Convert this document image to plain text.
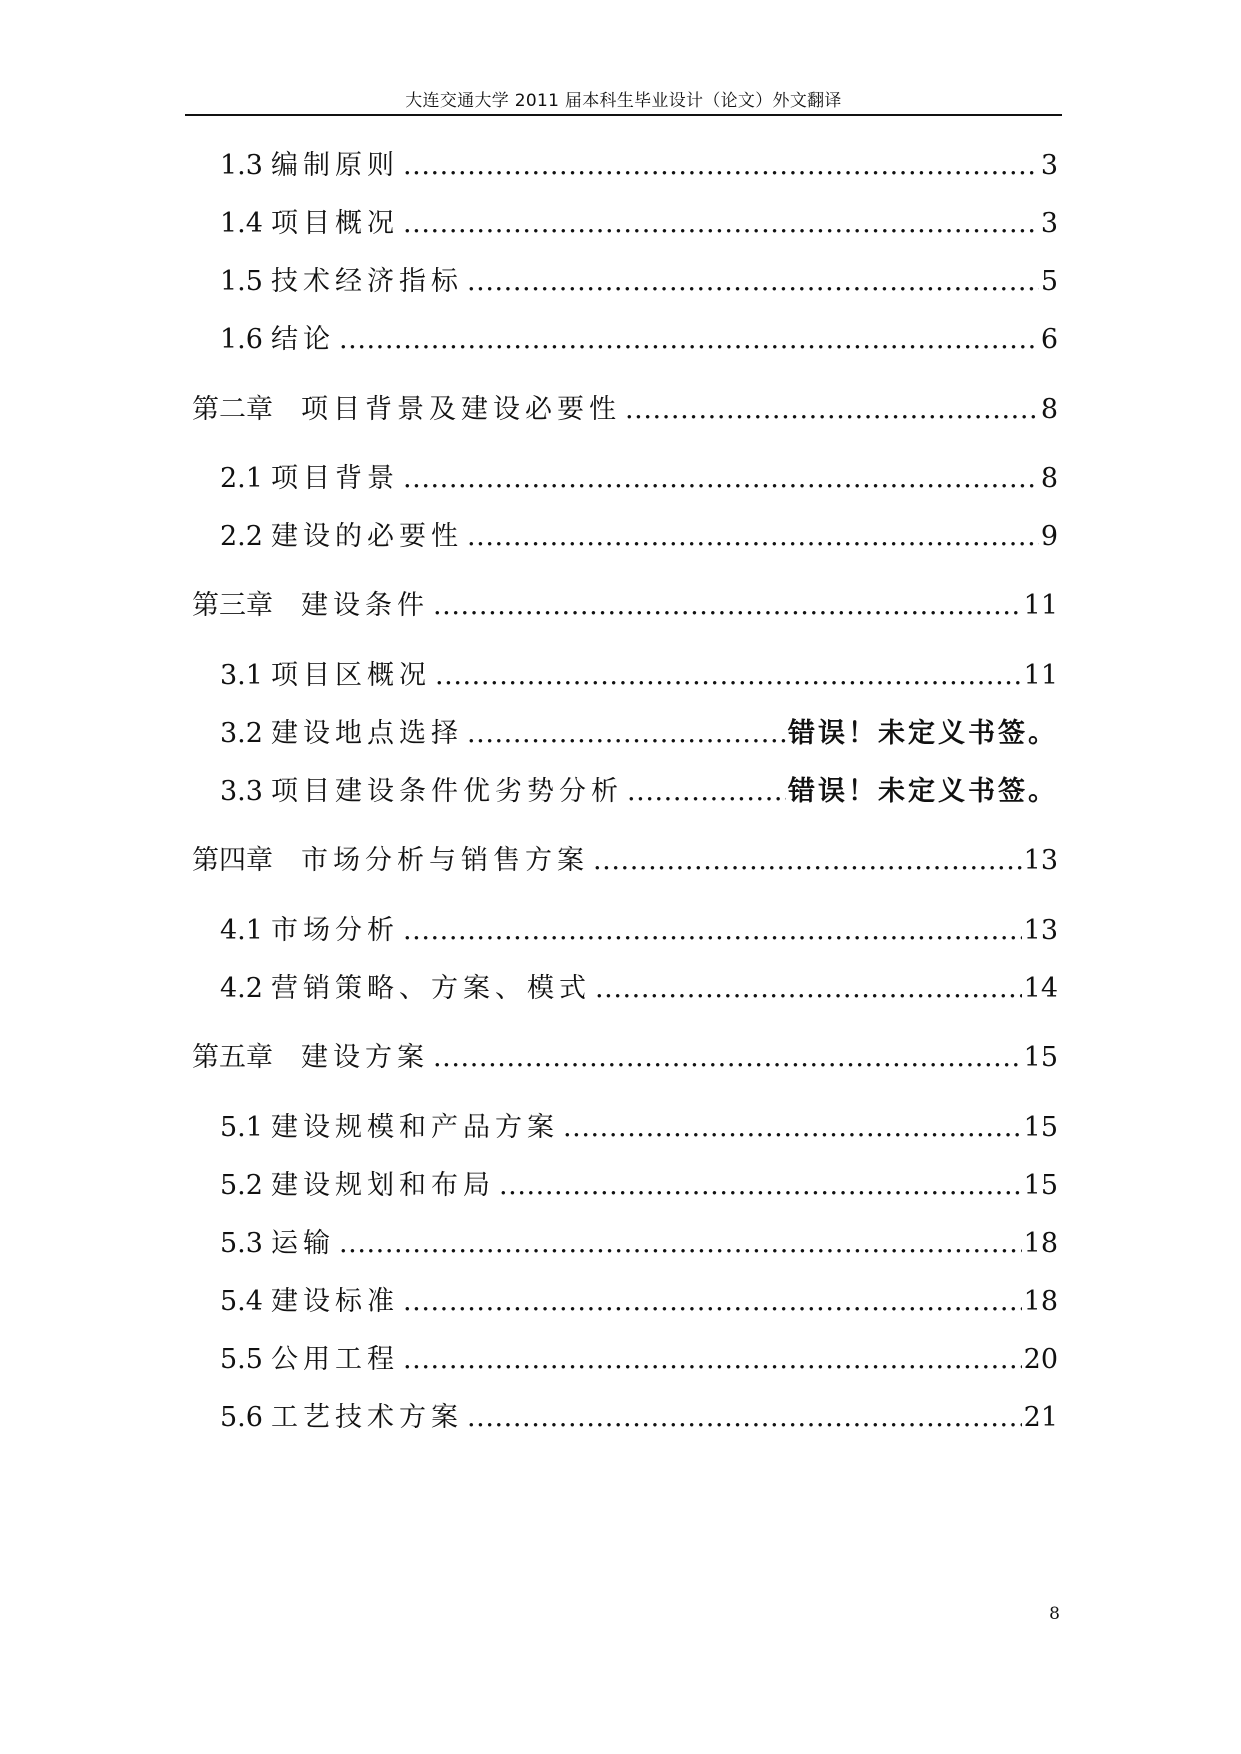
大连交通大学 2011 届本科生毕业设计（论文）外文翻译
1.3 编制原则 .....	3
1.4 项目概况 .....	3
1.5 技术经济指标 .....	5
1.6 结论 .....	6
第二章 项目背景及建设必要性 .....	8
2.1 项目背景 .....	8
2.2 建设的必要性 .....	9
第三章 建设条件 .....	11
3.1 项目区概况 .....	11
3.2 建设地点选择 .....	错误！未定义书签。
3.3 项目建设条件优劣势分析 .....	错误！未定义书签。
第四章 市场分析与销售方案 .....	13
4.1 市场分析 .....	13
4.2 营销策略、方案、模式 .....	14
第五章 建设方案 .....	15
5.1 建设规模和产品方案 .....	15
5.2 建设规划和布局 .....	15
5.3 运输 .....	18
5.4 建设标准 .....	18
5.5 公用工程 .....	20
5.6 工艺技术方案 .....	21
8
